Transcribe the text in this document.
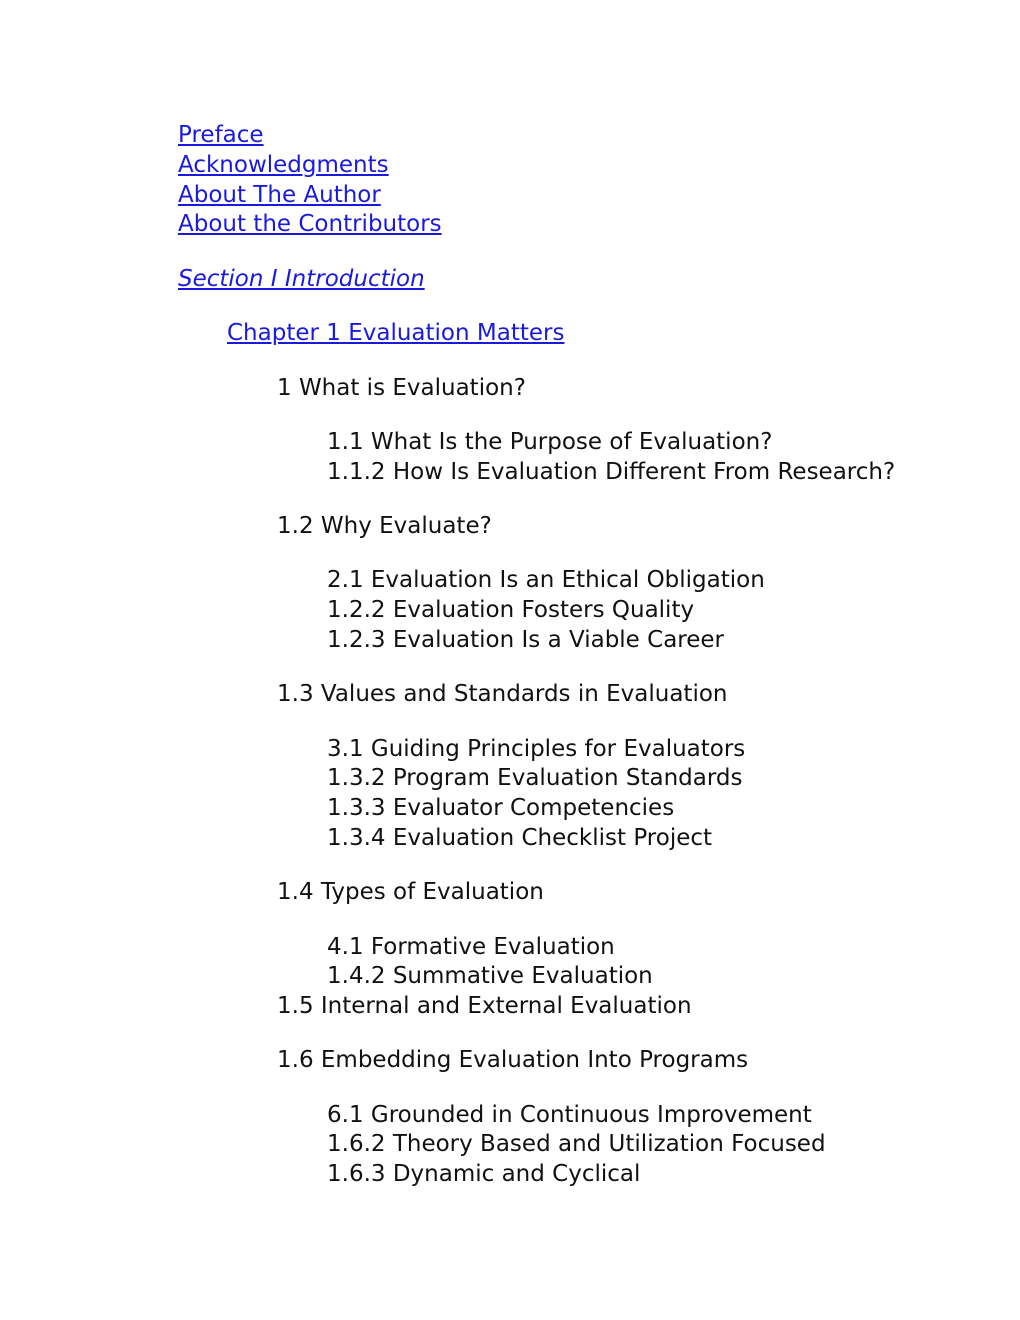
Preface
Acknowledgments
About The Author
About the Contributors
Section I Introduction
Chapter 1 Evaluation Matters
1 What is Evaluation?
1.1 What Is the Purpose of Evaluation?
1.1.2 How Is Evaluation Different From Research?
1.2 Why Evaluate?
2.1 Evaluation Is an Ethical Obligation
1.2.2 Evaluation Fosters Quality
1.2.3 Evaluation Is a Viable Career
1.3 Values and Standards in Evaluation
3.1 Guiding Principles for Evaluators
1.3.2 Program Evaluation Standards
1.3.3 Evaluator Competencies
1.3.4 Evaluation Checklist Project
1.4 Types of Evaluation
4.1 Formative Evaluation
1.4.2 Summative Evaluation
1.5 Internal and External Evaluation
1.6 Embedding Evaluation Into Programs
6.1 Grounded in Continuous Improvement
1.6.2 Theory Based and Utilization Focused
1.6.3 Dynamic and Cyclical
